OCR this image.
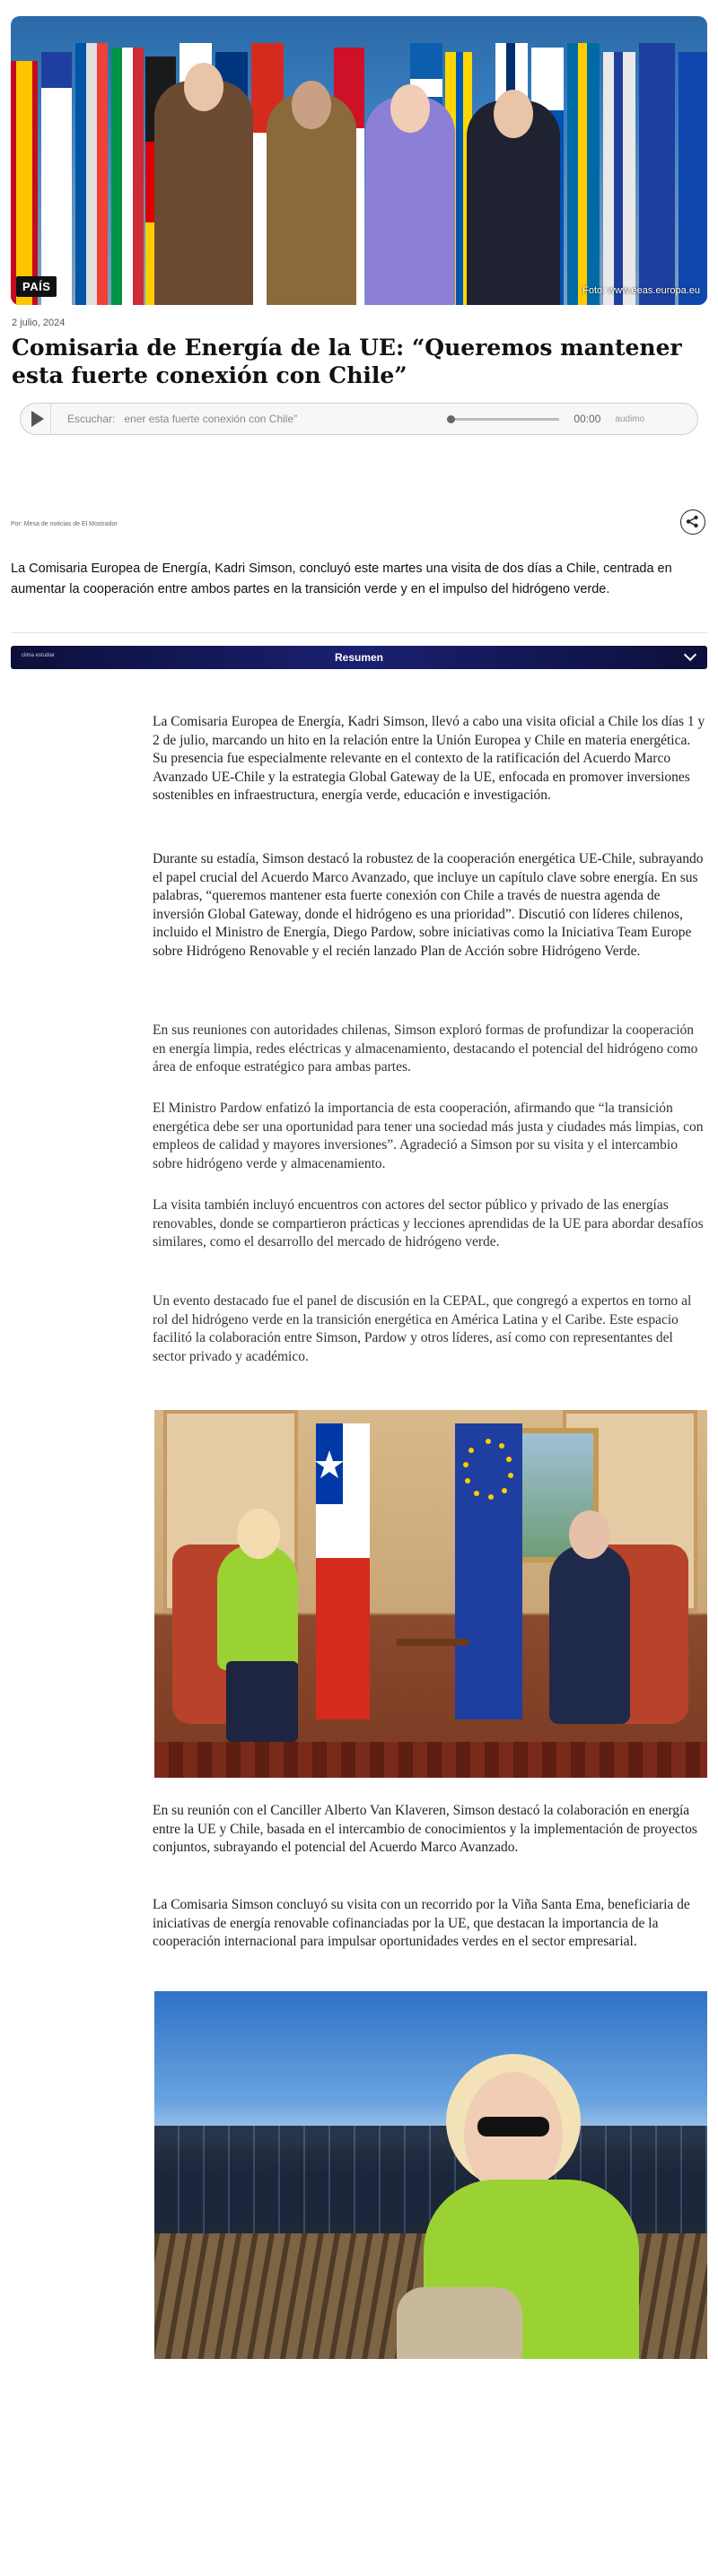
PAÍS	Foto: www.eeas.europa.eu
2 julio, 2024
Comisaria de Energía de la UE: “Queremos mantener esta fuerte conexión con Chile”
Escuchar: ener esta fuerte conexión con Chile”	00:00 audimo
Por: Mesa de noticias de El Mostrador

La Comisaria Europea de Energía, Kadri Simson, concluyó este martes una visita de dos días a Chile, centrada en aumentar la cooperación entre ambos partes en la transición verde y en el impulso del hidrógeno verde.

clima estudiar	Resumen

La Comisaria Europea de Energía, Kadri Simson, llevó a cabo una visita oficial a Chile los días 1 y 2 de julio, marcando un hito en la relación entre la Unión Europea y Chile en materia energética. Su presencia fue especialmente relevante en el contexto de la ratificación del Acuerdo Marco Avanzado UE-Chile y la estrategia Global Gateway de la UE, enfocada en promover inversiones sostenibles en infraestructura, energía verde, educación e investigación.

Durante su estadía, Simson destacó la robustez de la cooperación energética UE-Chile, subrayando el papel crucial del Acuerdo Marco Avanzado, que incluye un capítulo clave sobre energía. En sus palabras, “queremos mantener esta fuerte conexión con Chile a través de nuestra agenda de inversión Global Gateway, donde el hidrógeno es una prioridad”. Discutió con líderes chilenos, incluido el Ministro de Energía, Diego Pardow, sobre iniciativas como la Iniciativa Team Europe sobre Hidrógeno Renovable y el recién lanzado Plan de Acción sobre Hidrógeno Verde.

En sus reuniones con autoridades chilenas, Simson exploró formas de profundizar la cooperación en energía limpia, redes eléctricas y almacenamiento, destacando el potencial del hidrógeno como área de enfoque estratégico para ambas partes.

El Ministro Pardow enfatizó la importancia de esta cooperación, afirmando que “la transición energética debe ser una oportunidad para tener una sociedad más justa y ciudades más limpias, con empleos de calidad y mayores inversiones”. Agradeció a Simson por su visita y el intercambio sobre hidrógeno verde y almacenamiento.

La visita también incluyó encuentros con actores del sector público y privado de las energías renovables, donde se compartieron prácticas y lecciones aprendidas de la UE para abordar desafíos similares, como el desarrollo del mercado de hidrógeno verde.

Un evento destacado fue el panel de discusión en la CEPAL, que congregó a expertos en torno al rol del hidrógeno verde en la transición energética en América Latina y el Caribe. Este espacio facilitó la colaboración entre Simson, Pardow y otros líderes, así como con representantes del sector privado y académico.

En su reunión con el Canciller Alberto Van Klaveren, Simson destacó la colaboración en energía entre la UE y Chile, basada en el intercambio de conocimientos y la implementación de proyectos conjuntos, subrayando el potencial del Acuerdo Marco Avanzado.

La Comisaria Simson concluyó su visita con un recorrido por la Viña Santa Ema, beneficiaria de iniciativas de energía renovable cofinanciadas por la UE, que destacan la importancia de la cooperación internacional para impulsar oportunidades verdes en el sector empresarial.
